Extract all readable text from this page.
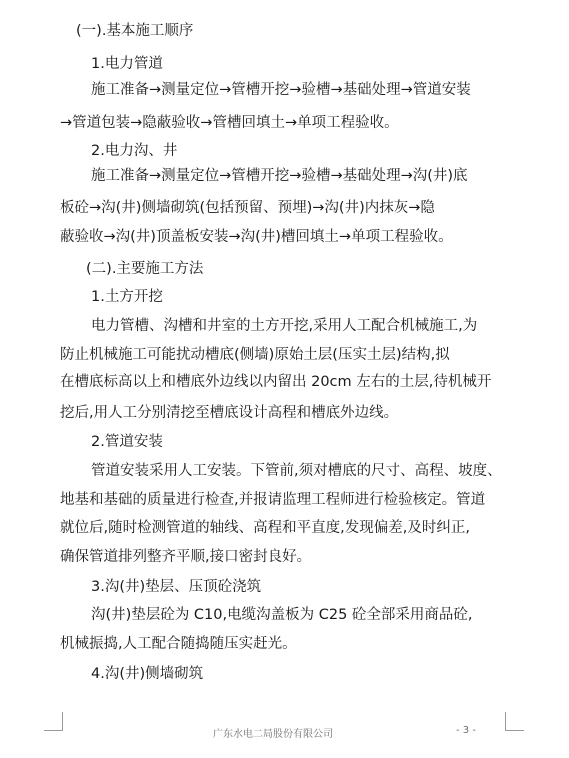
(一).基本施工顺序
1.电力管道
施工准备→测量定位→管槽开挖→验槽→基础处理→管道安装
→管道包装→隐蔽验收→管槽回填土→单项工程验收。
2.电力沟、井
施工准备→测量定位→管槽开挖→验槽→基础处理→沟(井)底
板砼→沟(井)侧墙砌筑(包括预留、预埋)→沟(井)内抹灰→隐
蔽验收→沟(井)顶盖板安装→沟(井)槽回填土→单项工程验收。
(二).主要施工方法
1.土方开挖
电力管槽、沟槽和井室的土方开挖,采用人工配合机械施工,为
防止机械施工可能扰动槽底(侧墙)原始土层(压实土层)结构,拟
在槽底标高以上和槽底外边线以内留出 20cm 左右的土层,待机械开
挖后,用人工分别清挖至槽底设计高程和槽底外边线。
2.管道安装
管道安装采用人工安装。下管前,须对槽底的尺寸、高程、坡度、
地基和基础的质量进行检查,并报请监理工程师进行检验核定。管道
就位后,随时检测管道的轴线、高程和平直度,发现偏差,及时纠正,
确保管道排列整齐平顺,接口密封良好。
3.沟(井)垫层、压顶砼浇筑
沟(井)垫层砼为 C10,电缆沟盖板为 C25 砼全部采用商品砼,
机械振捣,人工配合随捣随压实赶光。
4.沟(井)侧墙砌筑
广东水电二局股份有限公司	- 3 -
